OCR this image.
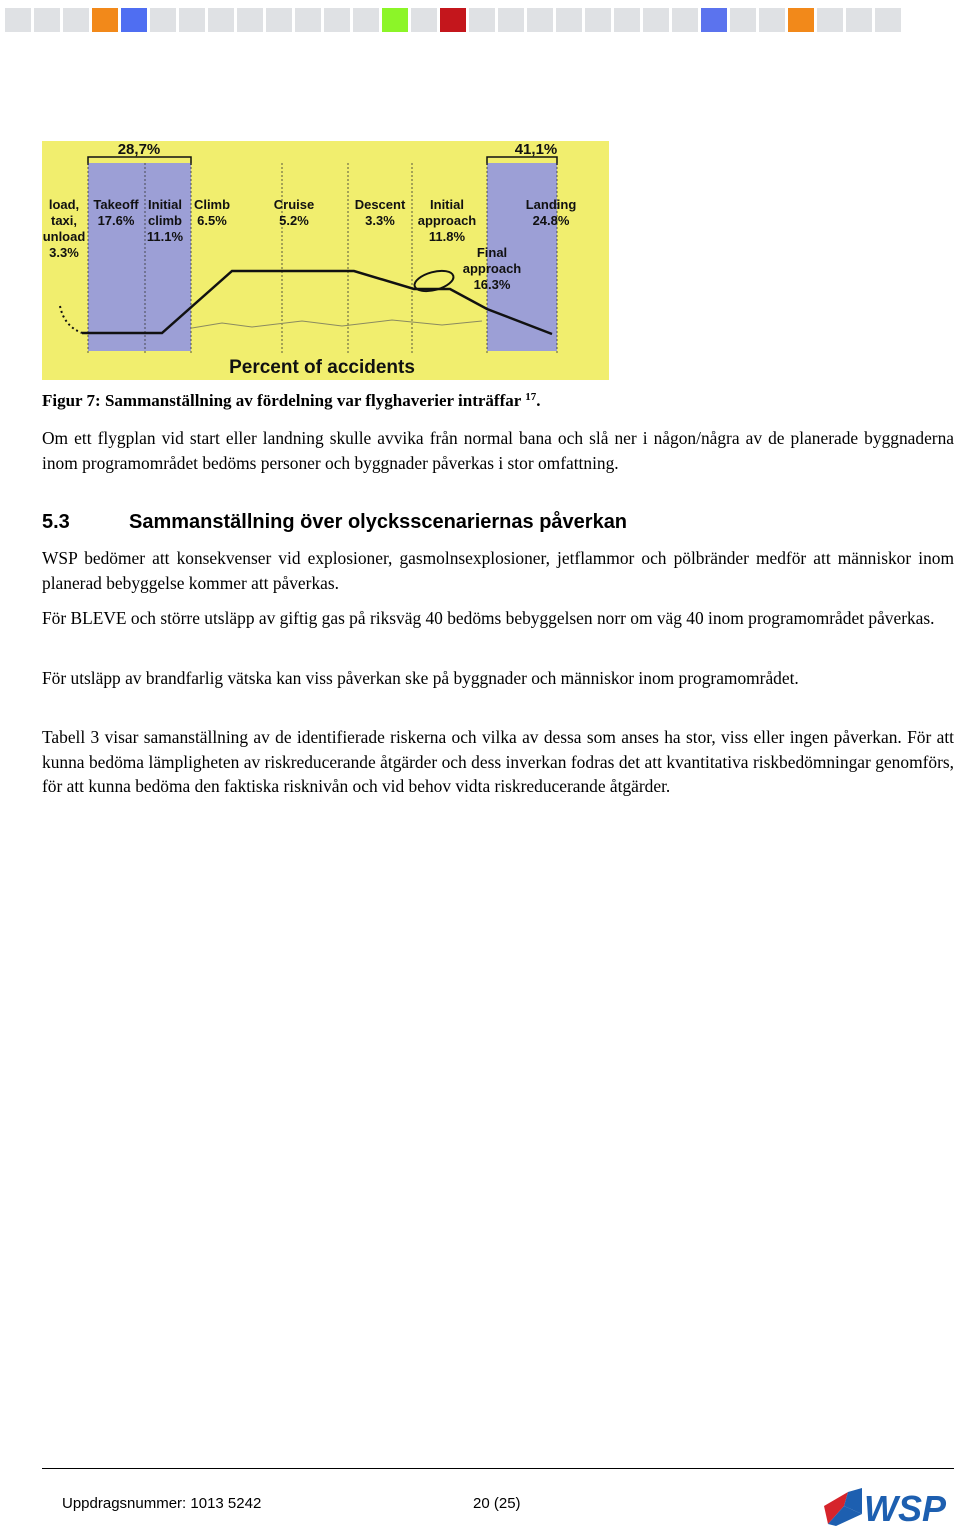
28,7%	41,1%
load,
taxi,
unload
3.3%
Takeoff
17.6%
Initial
climb
11.1%
Climb
6.5%
Cruise
5.2%
Descent
3.3%
Initial
approach
11.8%
Final
approach
16.3%
Landing
24.8%
Percent of accidents
Figur 7: Sammanställning av fördelning var flyghaverier inträffar $^{17}$.
Om ett flygplan vid start eller landning skulle avvika från normal bana och slå ner i någon/några av de planerade byggnaderna inom programområdet bedöms personer och byggnader påverkas i stor omfattning.
5.3	Sammanställning över olycksscenariernas påverkan
WSP bedömer att konsekvenser vid explosioner, gasmolnsexplosioner, jetflammor och pölbränder medför att människor inom planerad bebyggelse kommer att påverkas.
För BLEVE och större utsläpp av giftig gas på riksväg 40 bedöms bebyggelsen norr om väg 40 inom programområdet påverkas.
För utsläpp av brandfarlig vätska kan viss påverkan ske på byggnader och människor inom programområdet.
Tabell 3 visar samanställning av de identifierade riskerna och vilka av dessa som anses ha stor, viss eller ingen påverkan. För att kunna bedöma lämpligheten av riskreducerande åtgärder och dess inverkan fodras det att kvantitativa riskbedömningar genomförs, för att kunna bedöma den faktiska risknivån och vid behov vidta riskreducerande åtgärder.
Uppdragsnummer: 1013 5242	20 (25)	WSP
